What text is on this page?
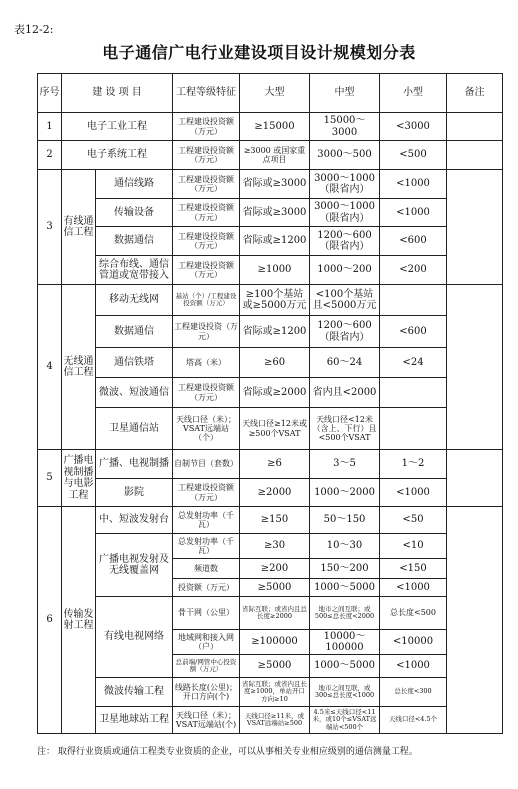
表12-2:
电子通信广电行业建设项目设计规模划分表
序号	建 设 项 目		工程等级特征	大型	中型	小型	备注
1	电子工业工程		工程建设投资额（万元）	≥15000	15000～3000	<3000	
2	电子系统工程		工程建设投资额（万元）	≥3000 或国家重点项目	3000～500	<500	
3	有线通信工程	通信线路	工程建设投资额（万元）	省际或≥3000	3000～1000（限省内）	<1000	
		传输设备	工程建设投资额（万元）	省际或≥3000	3000～1000（限省内）	<1000	
		数据通信	工程建设投资额（万元）	省际或≥1200	1200～600（限省内）	<600	
		综合布线、通信管道或宽带接入	工程建设投资额（万元）	≥1000	1000～200	<200	
4	无线通信工程	移动无线网	基站（个）/工程建设投资额（万元）	≥100个基站或≥5000万元	<100个基站且<5000万元		
		数据通信	工程建设投资（万元）	省际或≥1200	1200～600（限省内）	<600	
		通信铁塔	塔高（米）	≥60	60～24	<24	
		微波、短波通信	工程建设投资额（万元）	省际或≥2000	省内且<2000		
		卫星通信站	天线口径（米）；VSAT远端站（个）	天线口径≥12米或≥500个VSAT	天线口径<12米（含上、下行）且<500个VSAT		
5	广播电视制播与电影工程	广播、电视制播	自制节目（套数）	≥6	3～5	1～2	
		影院	工程建设投资额（万元）	≥2000	1000～2000	<1000	
6	传输发射工程	中、短波发射台	总发射功率（千瓦）	≥150	50～150	<50	
		广播电视发射及无线覆盖网	总发射功率（千瓦）	≥30	10～30	<10	
			频道数	≥200	150～200	<150	
			投资额（万元）	≥5000	1000～5000	<1000	
		有线电视网络	骨干网（公里）	省际互联；或省内且总长度≥2000	地市之间互联；或500≤总长度<2000	总长度<500	
			地域网和接入网（户）	≥100000	10000～100000	<10000	
			总前端/网管中心投资额（万元）	≥5000	1000～5000	<1000	
		微波传输工程	线路长度(公里)；开口方向(个)	省际互联；或省内且长度≥1000，单站开口方向≥10	地市之间互联，或300≤总长度<1000	总长度<300	
		卫星地球站工程	天线口径（米）；VSAT远端站(个)	天线口径≥11米，或VSAT远端站≥500	4.5米≤天线口径<11米，或10个≤VSAT远端站<500个	天线口径<4.5个	
注： 取得行业资质或通信工程类专业资质的企业，可以从事相关专业相应级别的通信测量工程。
